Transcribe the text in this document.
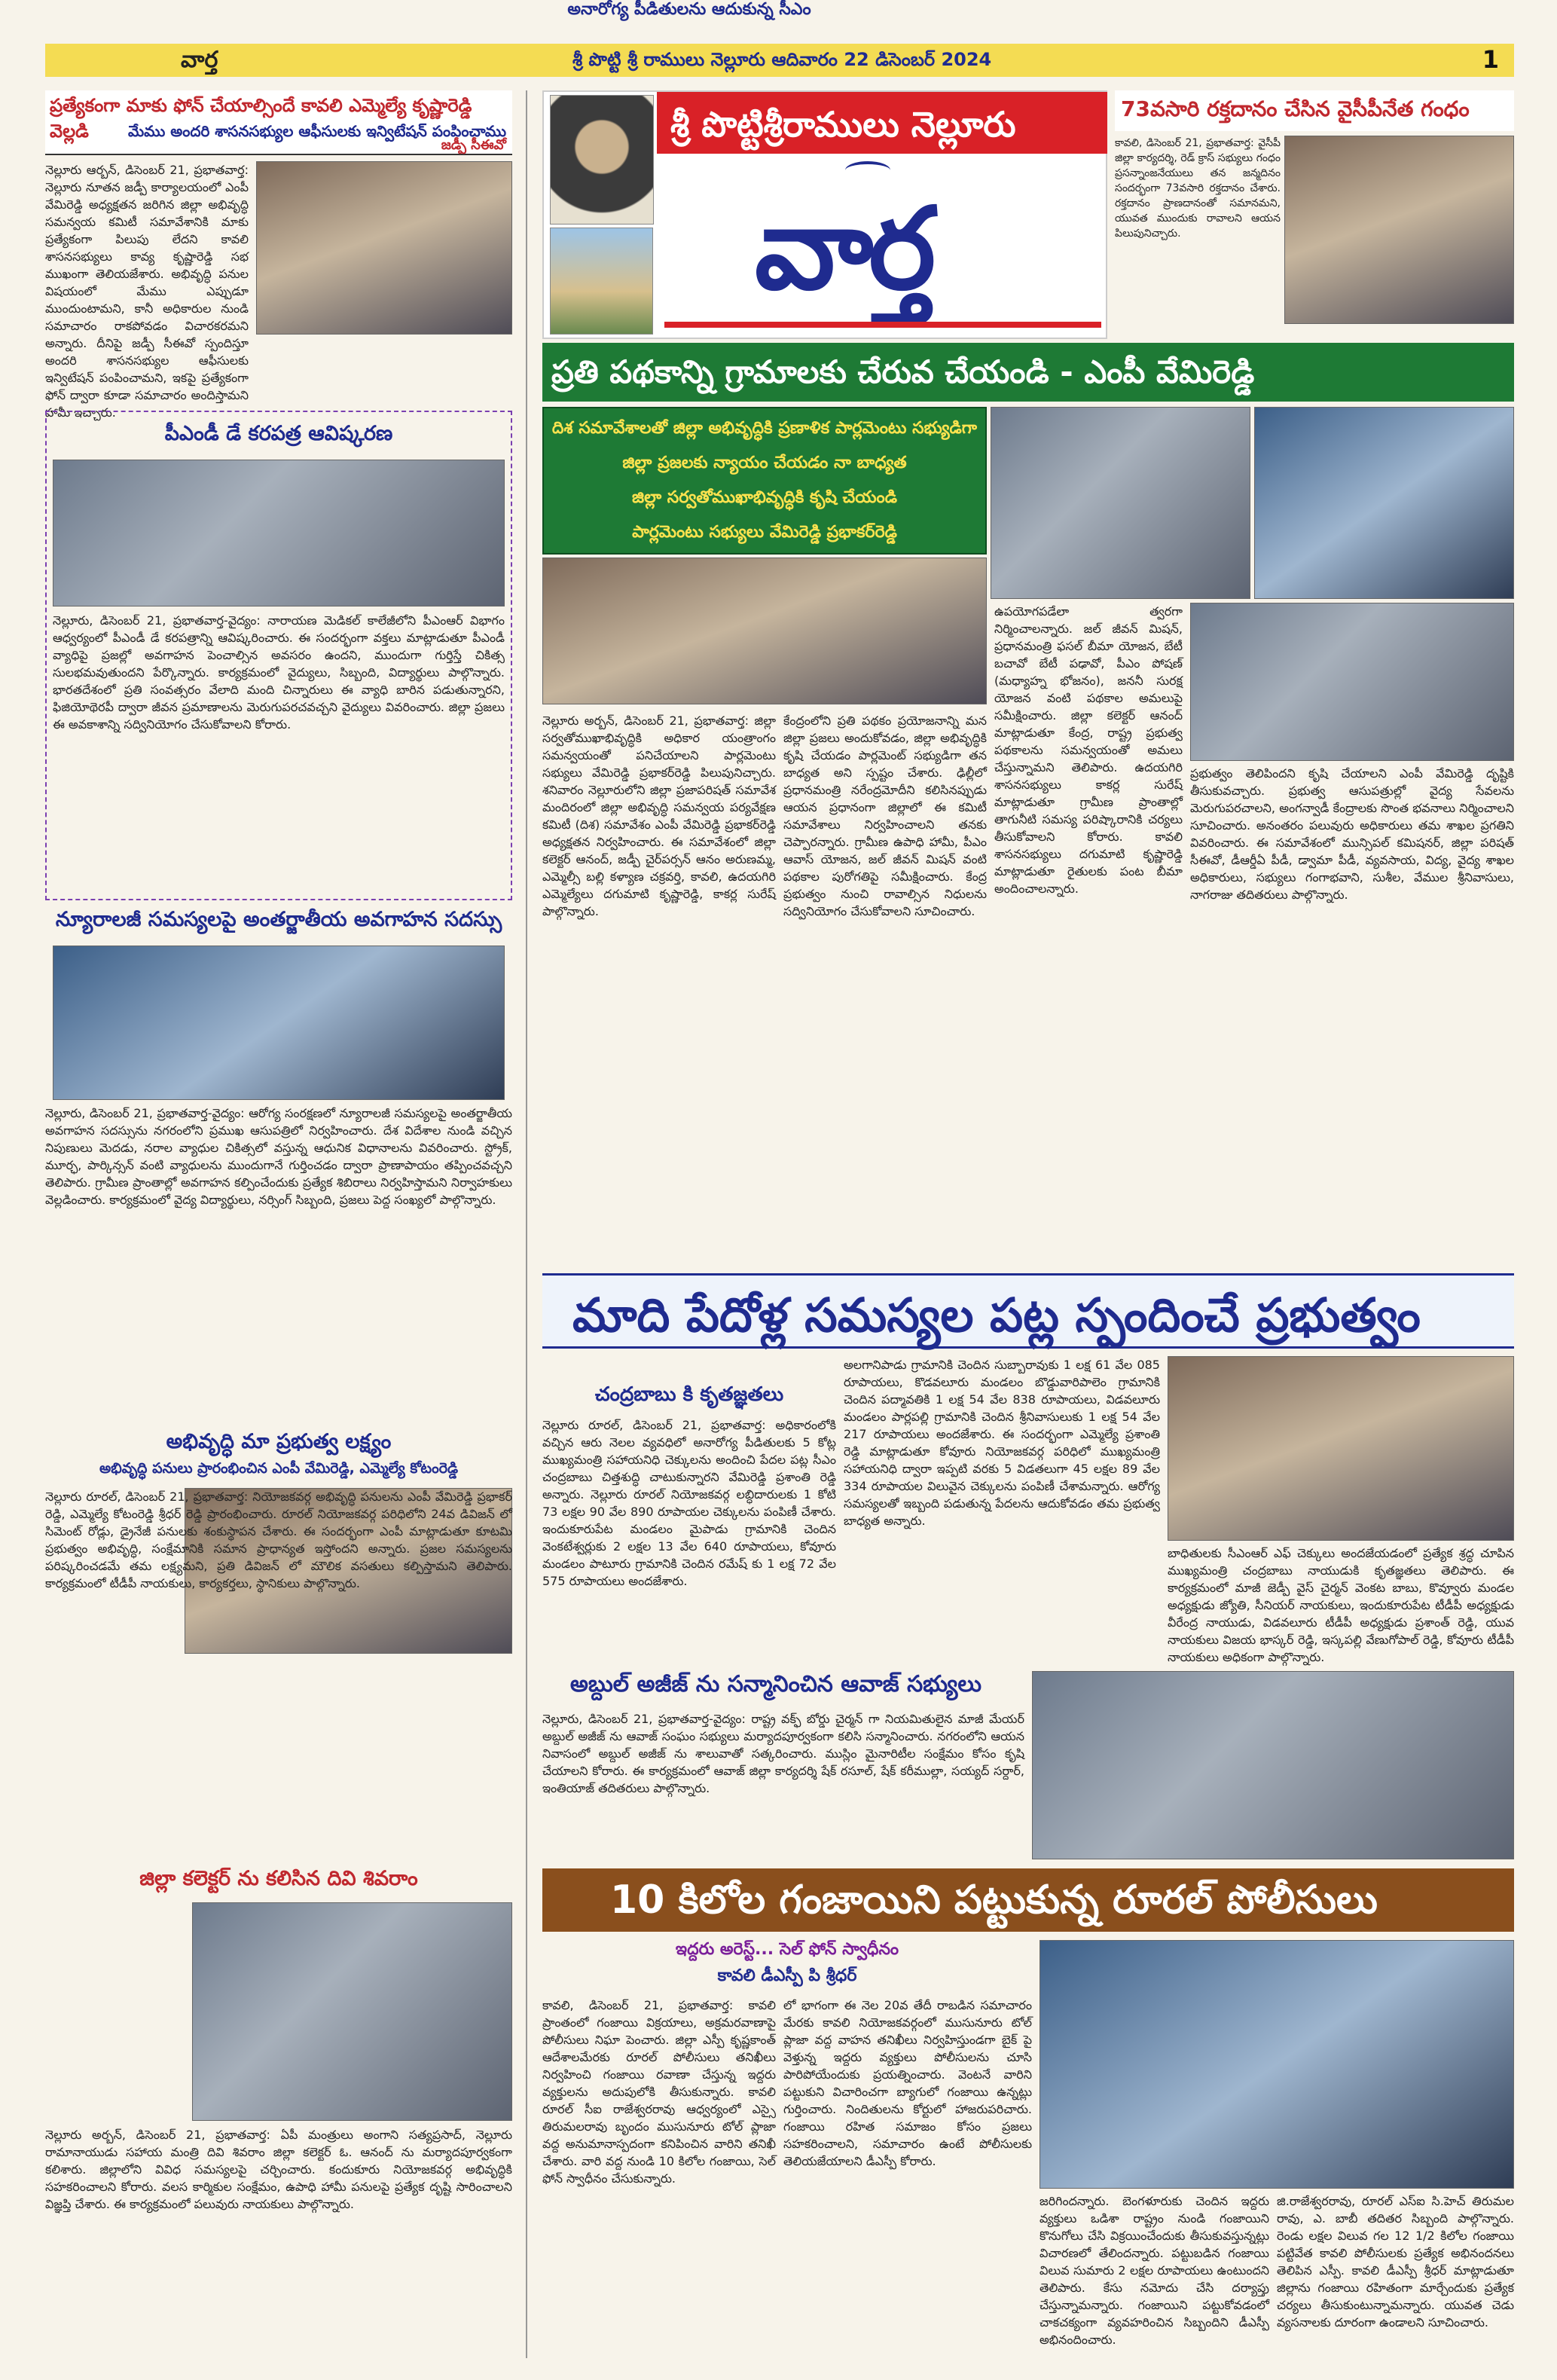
వార్త	శ్రీ పొట్టి శ్రీ రాములు నెల్లూరు ఆదివారం 22 డిసెంబర్ 2024	1
ప్రత్యేకంగా మాకు ఫోన్ చేయాల్సిందే కావలి ఎమ్మెల్యే కృష్ణారెడ్డి వెల్లడి	మేము అందరి శాసనసభ్యుల ఆఫీసులకు ఇన్విటేషన్ పంపించాము
జడ్పీ సీఈవో
నెల్లూరు ఆర్బన్, డిసెంబర్ 21, ప్రభాతవార్త: నెల్లూరు నూతన జడ్పీ కార్యాలయంలో ఎంపీ వేమిరెడ్డి అధ్యక్షతన జరిగిన జిల్లా అభివృద్ధి సమన్వయ కమిటీ సమావేశానికి మాకు ప్రత్యేకంగా పిలుపు లేదని కావలి శాసనసభ్యులు కావ్య కృష్ణారెడ్డి సభ ముఖంగా తెలియజేశారు. అభివృద్ధి పనుల విషయంలో మేము ఎప్పుడూ ముందుంటామని, కానీ అధికారుల నుండి సమాచారం రాకపోవడం విచారకరమని అన్నారు. దీనిపై జడ్పీ సీఈవో స్పందిస్తూ అందరి శాసనసభ్యుల ఆఫీసులకు ఇన్విటేషన్ పంపించామని, ఇకపై ప్రత్యేకంగా ఫోన్ ద్వారా కూడా సమాచారం అందిస్తామని హామీ ఇచ్చారు.
పీఎండీ డే కరపత్ర ఆవిష్కరణ
నెల్లూరు, డిసెంబర్ 21, ప్రభాతవార్త-వైద్యం: నారాయణ మెడికల్ కాలేజీలోని పీఎంఆర్ విభాగం ఆధ్వర్యంలో పీఎండీ డే కరపత్రాన్ని ఆవిష్కరించారు. ఈ సందర్భంగా వక్తలు మాట్లాడుతూ పీఎండీ వ్యాధిపై ప్రజల్లో అవగాహన పెంచాల్సిన అవసరం ఉందని, ముందుగా గుర్తిస్తే చికిత్స సులభమవుతుందని పేర్కొన్నారు. కార్యక్రమంలో వైద్యులు, సిబ్బంది, విద్యార్థులు పాల్గొన్నారు. భారతదేశంలో ప్రతి సంవత్సరం వేలాది మంది చిన్నారులు ఈ వ్యాధి బారిన పడుతున్నారని, ఫిజియోథెరపీ ద్వారా జీవన ప్రమాణాలను మెరుగుపరచవచ్చని వైద్యులు వివరించారు. జిల్లా ప్రజలు ఈ అవకాశాన్ని సద్వినియోగం చేసుకోవాలని కోరారు.
న్యూరాలజీ సమస్యలపై అంతర్జాతీయ అవగాహన సదస్సు
నెల్లూరు, డిసెంబర్ 21, ప్రభాతవార్త-వైద్యం: ఆరోగ్య సంరక్షణలో న్యూరాలజీ సమస్యలపై అంతర్జాతీయ అవగాహన సదస్సును నగరంలోని ప్రముఖ ఆసుపత్రిలో నిర్వహించారు. దేశ విదేశాల నుండి వచ్చిన నిపుణులు మెదడు, నరాల వ్యాధుల చికిత్సలో వస్తున్న ఆధునిక విధానాలను వివరించారు. స్ట్రోక్, మూర్ఛ, పార్కిన్సన్ వంటి వ్యాధులను ముందుగానే గుర్తించడం ద్వారా ప్రాణాపాయం తప్పించవచ్చని తెలిపారు. గ్రామీణ ప్రాంతాల్లో అవగాహన కల్పించేందుకు ప్రత్యేక శిబిరాలు నిర్వహిస్తామని నిర్వాహకులు వెల్లడించారు. కార్యక్రమంలో వైద్య విద్యార్థులు, నర్సింగ్ సిబ్బంది, ప్రజలు పెద్ద సంఖ్యలో పాల్గొన్నారు.
అభివృద్ధి మా ప్రభుత్వ లక్ష్యం
అభివృద్ధి పనులు ప్రారంభించిన ఎంపీ వేమిరెడ్డి, ఎమ్మెల్యే కోటంరెడ్డి
నెల్లూరు రూరల్, డిసెంబర్ 21, ప్రభాతవార్త: నియోజకవర్గ అభివృద్ధి పనులను ఎంపీ వేమిరెడ్డి ప్రభాకర్ రెడ్డి, ఎమ్మెల్యే కోటంరెడ్డి శ్రీధర్ రెడ్డి ప్రారంభించారు. రూరల్ నియోజకవర్గ పరిధిలోని 24వ డివిజన్ లో సిమెంట్ రోడ్లు, డ్రైనేజీ పనులకు శంకుస్థాపన చేశారు. ఈ సందర్భంగా ఎంపీ మాట్లాడుతూ కూటమి ప్రభుత్వం అభివృద్ధి, సంక్షేమానికి సమాన ప్రాధాన్యత ఇస్తోందని అన్నారు. ప్రజల సమస్యలను పరిష్కరించడమే తమ లక్ష్యమని, ప్రతి డివిజన్ లో మౌలిక వసతులు కల్పిస్తామని తెలిపారు. కార్యక్రమంలో టీడీపీ నాయకులు, కార్యకర్తలు, స్థానికులు పాల్గొన్నారు.
జిల్లా కలెక్టర్ ను కలిసిన దివి శివరాం
నెల్లూరు అర్బన్, డిసెంబర్ 21, ప్రభాతవార్త: ఏపీ మంత్రులు అంగాని సత్యప్రసాద్, నెల్లూరు రామానాయుడు సహాయ మంత్రి దివి శివరాం జిల్లా కలెక్టర్ ఓ. ఆనంద్ ను మర్యాదపూర్వకంగా కలిశారు. జిల్లాలోని వివిధ సమస్యలపై చర్చించారు. కందుకూరు నియోజకవర్గ అభివృద్ధికి సహకరించాలని కోరారు. వలస కార్మికుల సంక్షేమం, ఉపాధి హామీ పనులపై ప్రత్యేక దృష్టి సారించాలని విజ్ఞప్తి చేశారు. ఈ కార్యక్రమంలో పలువురు నాయకులు పాల్గొన్నారు.
శ్రీ పొట్టిశ్రీరాములు నెల్లూరు
వార్త
73వసారి రక్తదానం చేసిన వైసీపీనేత గంధం
కావలి, డిసెంబర్ 21, ప్రభాతవార్త: వైసీపీ జిల్లా కార్యదర్శి, రెడ్ క్రాస్ సభ్యులు గంధం ప్రసన్నాంజనేయులు తన జన్మదినం సందర్భంగా 73వసారి రక్తదానం చేశారు. రక్తదానం ప్రాణదానంతో సమానమని, యువత ముందుకు రావాలని ఆయన పిలుపునిచ్చారు.
ప్రతి పథకాన్ని గ్రామాలకు చేరువ చేయండి - ఎంపీ వేమిరెడ్డి
దిశ సమావేశాలతో జిల్లా అభివృద్ధికి ప్రణాళిక పార్లమెంటు సభ్యుడిగా
జిల్లా ప్రజలకు న్యాయం చేయడం నా బాధ్యత
జిల్లా సర్వతోముఖాభివృద్ధికి కృషి చేయండి
పార్లమెంటు సభ్యులు వేమిరెడ్డి ప్రభాకర్‌రెడ్డి
నెల్లూరు అర్బన్, డిసెంబర్ 21, ప్రభాతవార్త: జిల్లా సర్వతోముఖాభివృద్ధికి అధికార యంత్రాంగం సమన్వయంతో పనిచేయాలని పార్లమెంటు సభ్యులు వేమిరెడ్డి ప్రభాకర్‌రెడ్డి పిలుపునిచ్చారు. శనివారం నెల్లూరులోని జిల్లా ప్రజాపరిషత్ సమావేశ మందిరంలో జిల్లా అభివృద్ధి సమన్వయ పర్యవేక్షణ కమిటీ (దిశ) సమావేశం ఎంపీ వేమిరెడ్డి ప్రభాకర్‌రెడ్డి అధ్యక్షతన నిర్వహించారు. ఈ సమావేశంలో జిల్లా కలెక్టర్ ఆనంద్, జడ్పీ చైర్‌పర్సన్ ఆనం అరుణమ్మ, ఎమ్మెల్సీ బల్లి కళ్యాణ చక్రవర్తి, కావలి, ఉదయగిరి ఎమ్మెల్యేలు దగుమాటి కృష్ణారెడ్డి, కాకర్ల సురేష్ పాల్గొన్నారు.
కేంద్రంలోని ప్రతి పథకం ప్రయోజనాన్ని మన జిల్లా ప్రజలు అందుకోవడం, జిల్లా అభివృద్ధికి కృషి చేయడం పార్లమెంట్ సభ్యుడిగా తన బాధ్యత అని స్పష్టం చేశారు. ఢిల్లీలో ప్రధానమంత్రి నరేంద్రమోదీని కలిసినప్పుడు ఆయన ప్రధానంగా జిల్లాలో ఈ కమిటీ సమావేశాలు నిర్వహించాలని తనకు చెప్పారన్నారు. గ్రామీణ ఉపాధి హామీ, పీఎం ఆవాస్ యోజన, జల్ జీవన్ మిషన్ వంటి పథకాల పురోగతిపై సమీక్షించారు. కేంద్ర ప్రభుత్వం నుంచి రావాల్సిన నిధులను సద్వినియోగం చేసుకోవాలని సూచించారు.
ఉపయోగపడేలా త్వరగా నిర్మించాలన్నారు. జల్ జీవన్ మిషన్, ప్రధానమంత్రి ఫసల్ బీమా యోజన, బేటీ బచావో బేటీ పఢావో, పీఎం పోషణ్ (మధ్యాహ్న భోజనం), జననీ సురక్ష యోజన వంటి పథకాల అమలుపై సమీక్షించారు. జిల్లా కలెక్టర్ ఆనంద్ మాట్లాడుతూ కేంద్ర, రాష్ట్ర ప్రభుత్వ పథకాలను సమన్వయంతో అమలు చేస్తున్నామని తెలిపారు. ఉదయగిరి శాసనసభ్యులు కాకర్ల సురేష్ మాట్లాడుతూ గ్రామీణ ప్రాంతాల్లో తాగునీటి సమస్య పరిష్కారానికి చర్యలు తీసుకోవాలని కోరారు. కావలి శాసనసభ్యులు దగుమాటి కృష్ణారెడ్డి మాట్లాడుతూ రైతులకు పంట బీమా అందించాలన్నారు.
ప్రభుత్వం తెలిపిందని కృషి చేయాలని ఎంపీ వేమిరెడ్డి దృష్టికి తీసుకువచ్చారు. ప్రభుత్వ ఆసుపత్రుల్లో వైద్య సేవలను మెరుగుపరచాలని, అంగన్వాడీ కేంద్రాలకు సొంత భవనాలు నిర్మించాలని సూచించారు. అనంతరం పలువురు అధికారులు తమ శాఖల ప్రగతిని వివరించారు. ఈ సమావేశంలో మున్సిపల్ కమిషనర్, జిల్లా పరిషత్ సీఈవో, డీఆర్డీఏ పీడీ, డ్వామా పీడీ, వ్యవసాయ, విద్య, వైద్య శాఖల అధికారులు, సభ్యులు గంగాభవాని, సుశీల, వేముల శ్రీనివాసులు, నాగరాజు తదితరులు పాల్గొన్నారు.
మాది పేదోళ్ల సమస్యల పట్ల స్పందించే ప్రభుత్వం
అనారోగ్య పీడితులను ఆదుకున్న సీఎం
చంద్రబాబు కి కృతజ్ఞతలు
నెల్లూరు రూరల్, డిసెంబర్ 21, ప్రభాతవార్త: అధికారంలోకి వచ్చిన ఆరు నెలల వ్యవధిలో అనారోగ్య పీడితులకు 5 కోట్ల ముఖ్యమంత్రి సహాయనిధి చెక్కులను అందించి పేదల పట్ల సీఎం చంద్రబాబు చిత్తశుద్ధి చాటుకున్నారని వేమిరెడ్డి ప్రశాంతి రెడ్డి అన్నారు. నెల్లూరు రూరల్ నియోజకవర్గ లబ్ధిదారులకు 1 కోటి 73 లక్షల 90 వేల 890 రూపాయల చెక్కులను పంపిణీ చేశారు. ఇందుకూరుపేట మండలం మైపాడు గ్రామానికి చెందిన వెంకటేశ్వర్లుకు 2 లక్షల 13 వేల 640 రూపాయలు, కోవూరు మండలం పాటూరు గ్రామానికి చెందిన రమేష్ కు 1 లక్ష 72 వేల 575 రూపాయలు అందజేశారు.
అలగానిపాడు గ్రామానికి చెందిన సుబ్బారావుకు 1 లక్ష 61 వేల 085 రూపాయలు, కొడవలూరు మండలం బొడ్డువారిపాలెం గ్రామానికి చెందిన పద్మావతికి 1 లక్ష 54 వేల 838 రూపాయలు, విడవలూరు మండలం పార్లపల్లి గ్రామానికి చెందిన శ్రీనివాసులుకు 1 లక్ష 54 వేల 217 రూపాయలు అందజేశారు. ఈ సందర్భంగా ఎమ్మెల్యే ప్రశాంతి రెడ్డి మాట్లాడుతూ కోవూరు నియోజకవర్గ పరిధిలో ముఖ్యమంత్రి సహాయనిధి ద్వారా ఇప్పటి వరకు 5 విడతలుగా 45 లక్షల 89 వేల 334 రూపాయల విలువైన చెక్కులను పంపిణీ చేశామన్నారు. ఆరోగ్య సమస్యలతో ఇబ్బంది పడుతున్న పేదలను ఆదుకోవడం తమ ప్రభుత్వ బాధ్యత అన్నారు.
బాధితులకు సీఎంఆర్ ఎఫ్ చెక్కులు అందజేయడంలో ప్రత్యేక శ్రద్ధ చూపిన ముఖ్యమంత్రి చంద్రబాబు నాయుడుకి కృతజ్ఞతలు తెలిపారు. ఈ కార్యక్రమంలో మాజీ జెడ్పీ వైస్ చైర్మన్ వెంకట బాబు, కొవ్వూరు మండల అధ్యక్షుడు జ్యోతి, సీనియర్ నాయకులు, ఇందుకూరుపేట టీడీపీ అధ్యక్షుడు వీరేంద్ర నాయుడు, విడవలూరు టీడీపీ అధ్యక్షుడు ప్రశాంత్ రెడ్డి, యువ నాయకులు విజయ భాస్కర్ రెడ్డి, ఇస్కపల్లి వేణుగోపాల్ రెడ్డి, కోవూరు టీడీపీ నాయకులు అధికంగా పాల్గొన్నారు.
అబ్దుల్ అజీజ్ ను సన్మానించిన ఆవాజ్ సభ్యులు
నెల్లూరు, డిసెంబర్ 21, ప్రభాతవార్త-వైద్యం: రాష్ట్ర వక్ఫ్ బోర్డు చైర్మన్ గా నియమితులైన మాజీ మేయర్ అబ్దుల్ అజీజ్ ను ఆవాజ్ సంఘం సభ్యులు మర్యాదపూర్వకంగా కలిసి సన్మానించారు. నగరంలోని ఆయన నివాసంలో అబ్దుల్ అజీజ్ ను శాలువాతో సత్కరించారు. ముస్లిం మైనారిటీల సంక్షేమం కోసం కృషి చేయాలని కోరారు. ఈ కార్యక్రమంలో ఆవాజ్ జిల్లా కార్యదర్శి షేక్ రసూల్, షేక్ కరీముల్లా, సయ్యద్ సర్దార్, ఇంతియాజ్ తదితరులు పాల్గొన్నారు.
10 కిలోల గంజాయిని పట్టుకున్న రూరల్ పోలీసులు
ఇద్దరు అరెస్ట్... సెల్ ఫోన్ స్వాధీనం
కావలి డీఎస్పీ పి శ్రీధర్
కావలి, డిసెంబర్ 21, ప్రభాతవార్త: కావలి ప్రాంతంలో గంజాయి విక్రయాలు, అక్రమరవాణాపై పోలీసులు నిఘా పెంచారు. జిల్లా ఎస్పీ కృష్ణకాంత్ ఆదేశాలమేరకు రూరల్ పోలీసులు తనిఖీలు నిర్వహించి గంజాయి రవాణా చేస్తున్న ఇద్దరు వ్యక్తులను అదుపులోకి తీసుకున్నారు. కావలి రూరల్ సీఐ రాజేశ్వరరావు ఆధ్వర్యంలో ఎస్సై తిరుమలరావు బృందం ముసునూరు టోల్ ప్లాజా వద్ద అనుమానాస్పదంగా కనిపించిన వారిని తనిఖీ చేశారు. వారి వద్ద నుండి 10 కిలోల గంజాయి, సెల్ ఫోన్ స్వాధీనం చేసుకున్నారు.
లో భాగంగా ఈ నెల 20వ తేదీ రాబడిన సమాచారం మేరకు కావలి నియోజకవర్గంలో ముసునూరు టోల్ ప్లాజా వద్ద వాహన తనిఖీలు నిర్వహిస్తుండగా బైక్ పై వెళ్తున్న ఇద్దరు వ్యక్తులు పోలీసులను చూసి పారిపోయేందుకు ప్రయత్నించారు. వెంటనే వారిని పట్టుకుని విచారించగా బ్యాగులో గంజాయి ఉన్నట్లు గుర్తించారు. నిందితులను కోర్టులో హాజరుపరిచారు. గంజాయి రహిత సమాజం కోసం ప్రజలు సహకరించాలని, సమాచారం ఉంటే పోలీసులకు తెలియజేయాలని డీఎస్పీ కోరారు.
జరిగిందన్నారు. బెంగళూరుకు చెందిన ఇద్దరు వ్యక్తులు ఒడిశా రాష్ట్రం నుండి గంజాయిని కొనుగోలు చేసి విక్రయించేందుకు తీసుకువస్తున్నట్లు విచారణలో తేలిందన్నారు. పట్టుబడిన గంజాయి విలువ సుమారు 2 లక్షల రూపాయలు ఉంటుందని తెలిపారు. కేసు నమోదు చేసి దర్యాప్తు చేస్తున్నామన్నారు. గంజాయిని పట్టుకోవడంలో చాకచక్యంగా వ్యవహరించిన సిబ్బందిని డీఎస్పీ అభినందించారు.
జి.రాజేశ్వరరావు, రూరల్ ఎస్ఐ సి.హెచ్ తిరుమల రావు, ఎ. బాబీ తదితర సిబ్బంది పాల్గొన్నారు. రెండు లక్షల విలువ గల 12 1/2 కిలోల గంజాయి పట్టివేత కావలి పోలీసులకు ప్రత్యేక అభినందనలు తెలిపిన ఎస్పీ. కావలి డీఎస్పీ శ్రీధర్ మాట్లాడుతూ జిల్లాను గంజాయి రహితంగా మార్చేందుకు ప్రత్యేక చర్యలు తీసుకుంటున్నామన్నారు. యువత చెడు వ్యసనాలకు దూరంగా ఉండాలని సూచించారు.
